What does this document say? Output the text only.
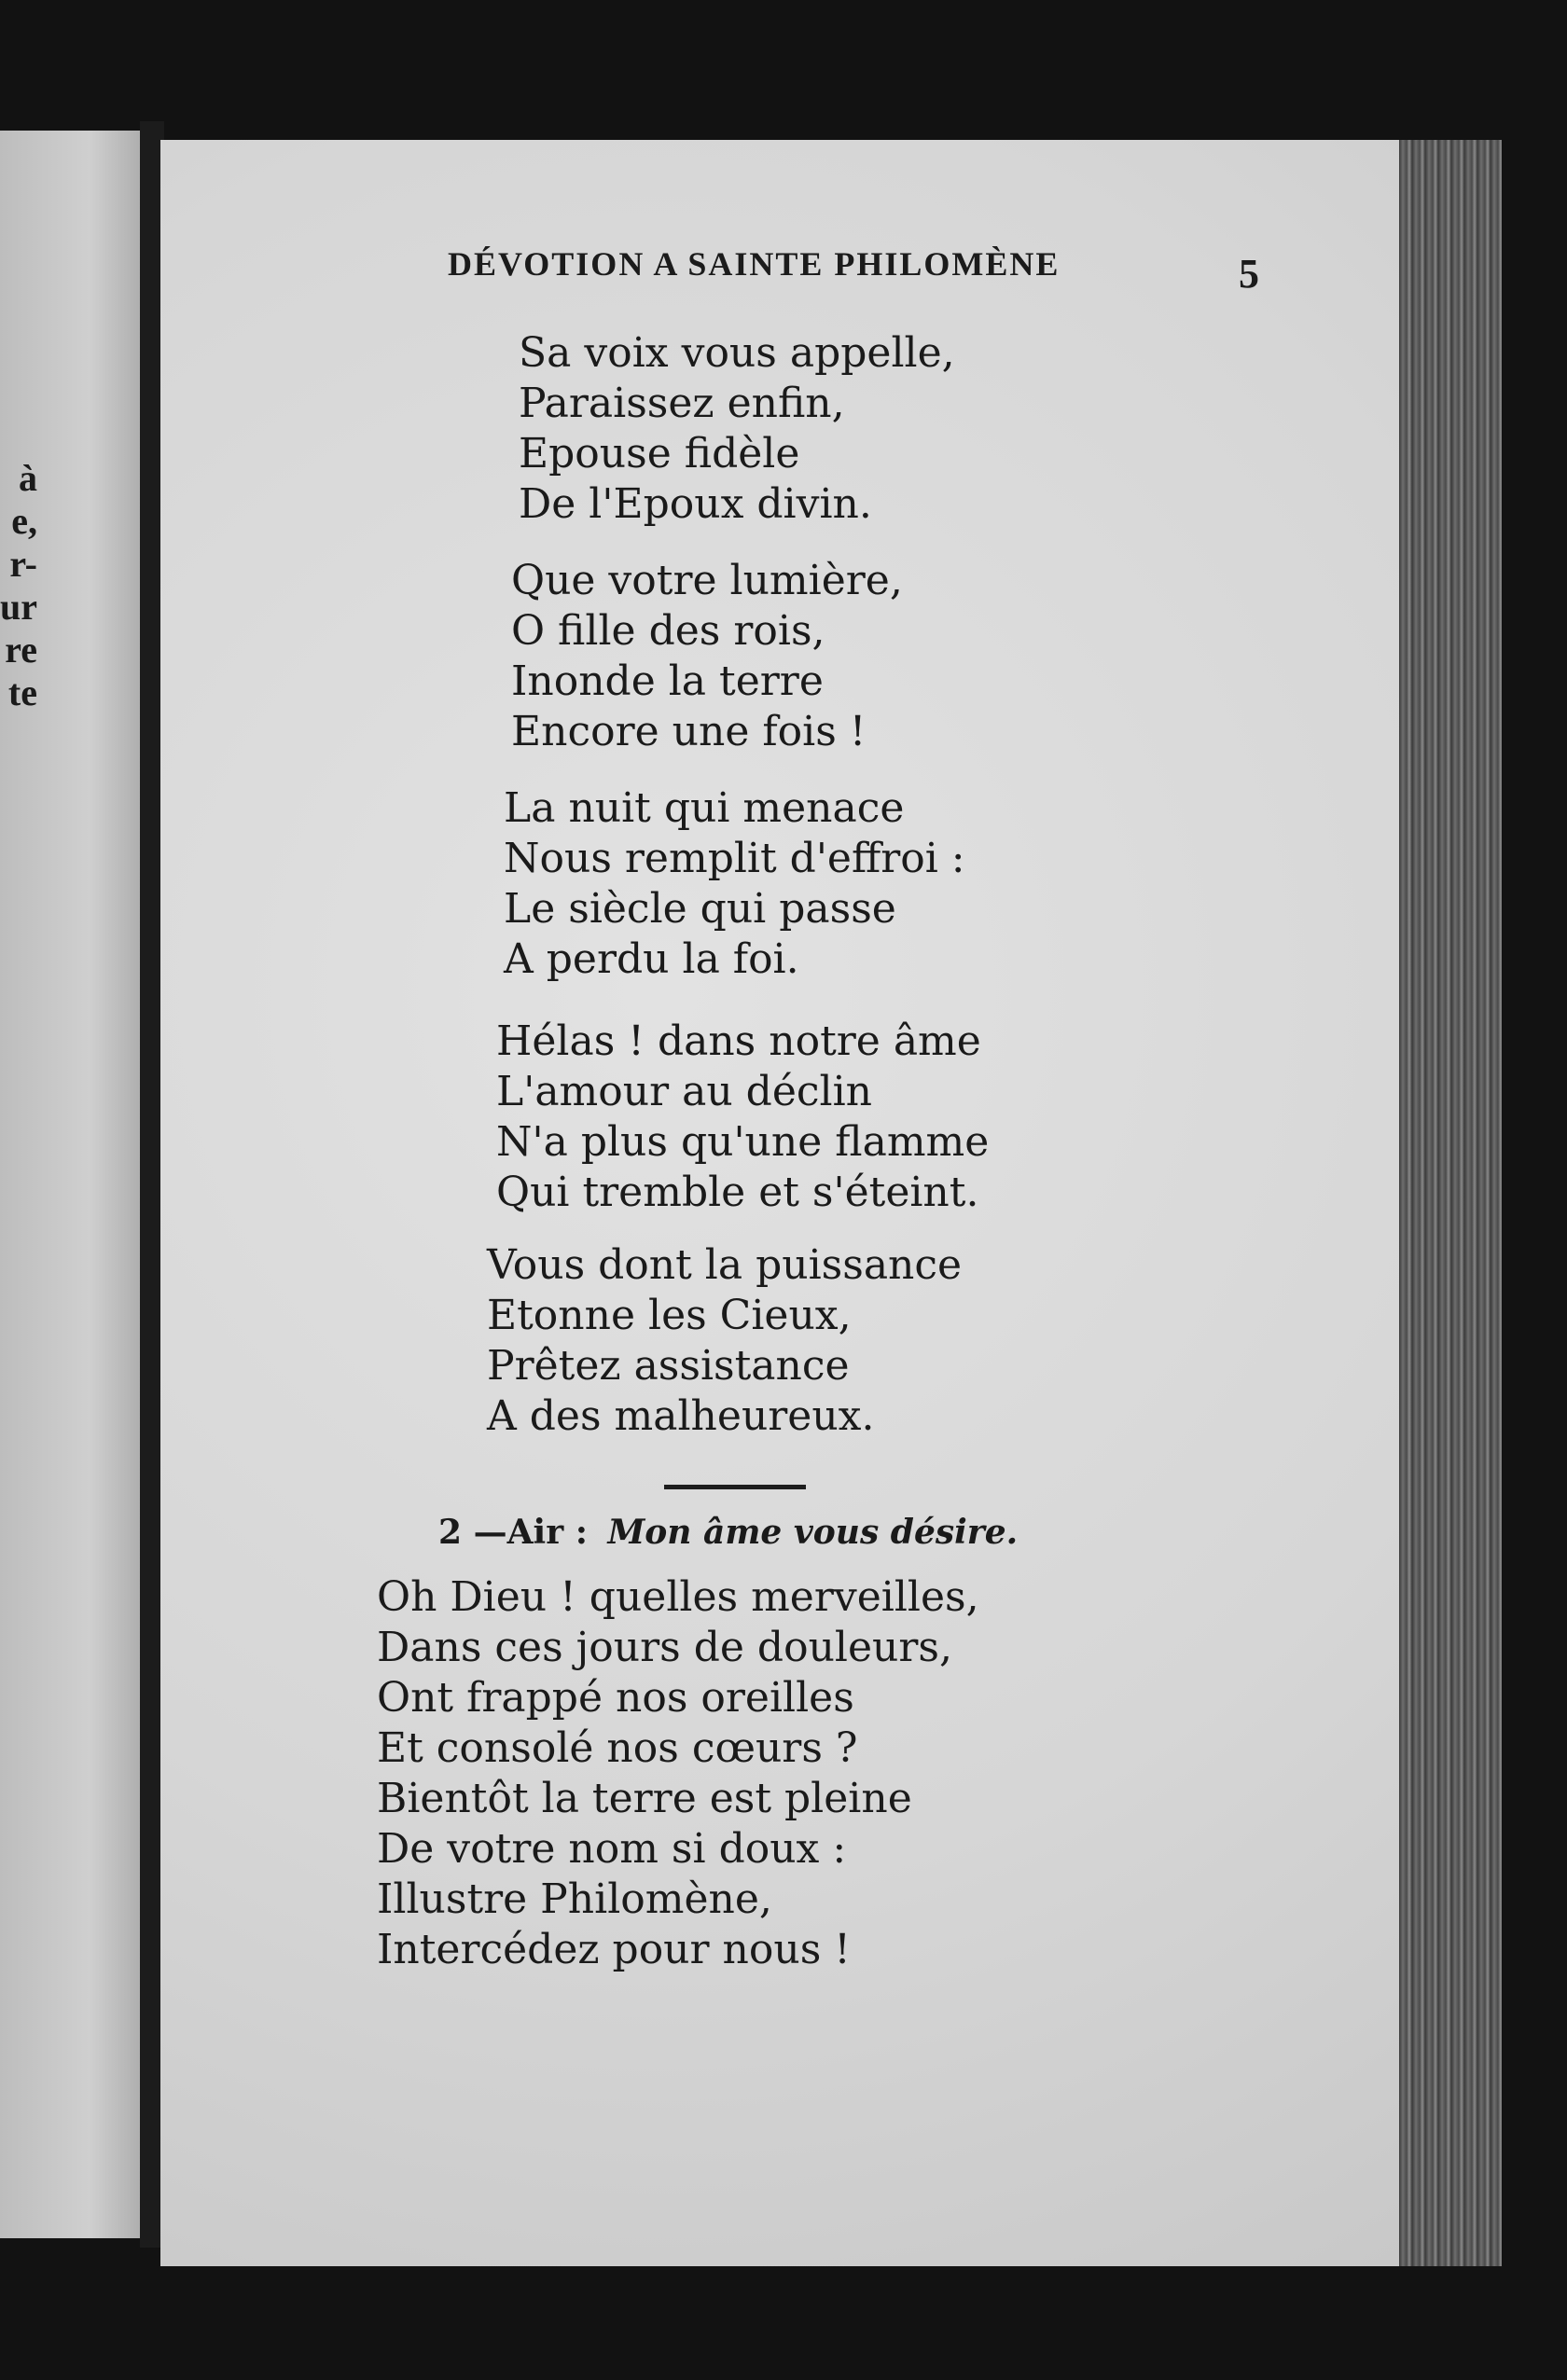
à
e,
r-
ur
re
te
DÉVOTION A SAINTE PHILOMÈNE	5
Sa voix vous appelle,
Paraissez enfin,
Epouse fidèle
De l'Epoux divin.
Que votre lumière,
O fille des rois,
Inonde la terre
Encore une fois !
La nuit qui menace
Nous remplit d'effroi :
Le siècle qui passe
A perdu la foi.
Hélas ! dans notre âme
L'amour au déclin
N'a plus qu'une flamme
Qui tremble et s'éteint.
Vous dont la puissance
Etonne les Cieux,
Prêtez assistance
A des malheureux.
2 —Air : Mon âme vous désire.
Oh Dieu ! quelles merveilles,
Dans ces jours de douleurs,
Ont frappé nos oreilles
Et consolé nos cœurs ?
Bientôt la terre est pleine
De votre nom si doux :
Illustre Philomène,
Intercédez pour nous !
